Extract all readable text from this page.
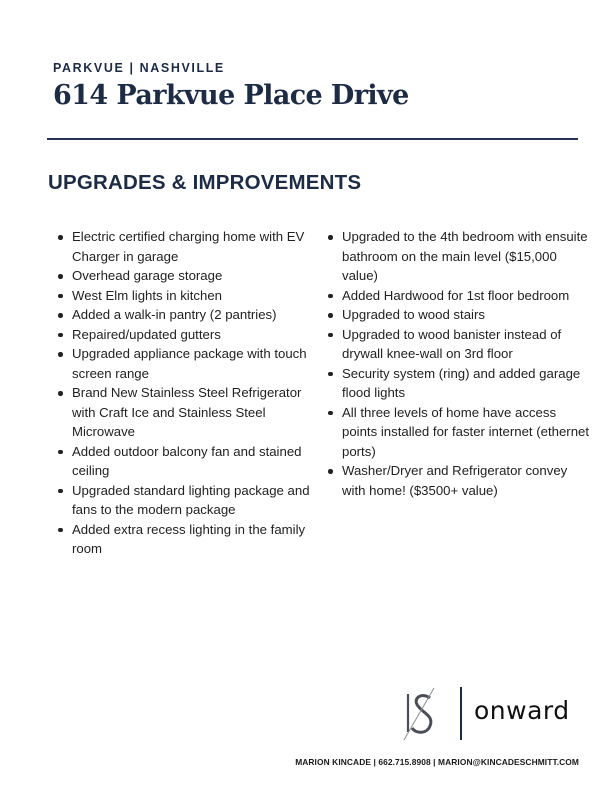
PARKVUE | NASHVILLE
614 Parkvue Place Drive
UPGRADES & IMPROVEMENTS
Electric certified charging home with EV Charger in garage
Overhead garage storage
West Elm lights in kitchen
Added a walk-in pantry (2 pantries)
Repaired/updated gutters
Upgraded appliance package with touch screen range
Brand New Stainless Steel Refrigerator with Craft Ice and Stainless Steel Microwave
Added outdoor balcony fan and stained ceiling
Upgraded standard lighting package and fans to the modern package
Added extra recess lighting in the family room
Upgraded to the 4th bedroom with ensuite bathroom on the main level ($15,000 value)
Added Hardwood for 1st floor bedroom
Upgraded to wood stairs
Upgraded to wood banister instead of drywall knee-wall on 3rd floor
Security system (ring) and added garage flood lights
All three levels of home have access points installed for faster internet (ethernet ports)
Washer/Dryer and Refrigerator convey with home! ($3500+ value)
onward
MARION KINCADE | 662.715.8908 | MARION@KINCADESCHMITT.COM
